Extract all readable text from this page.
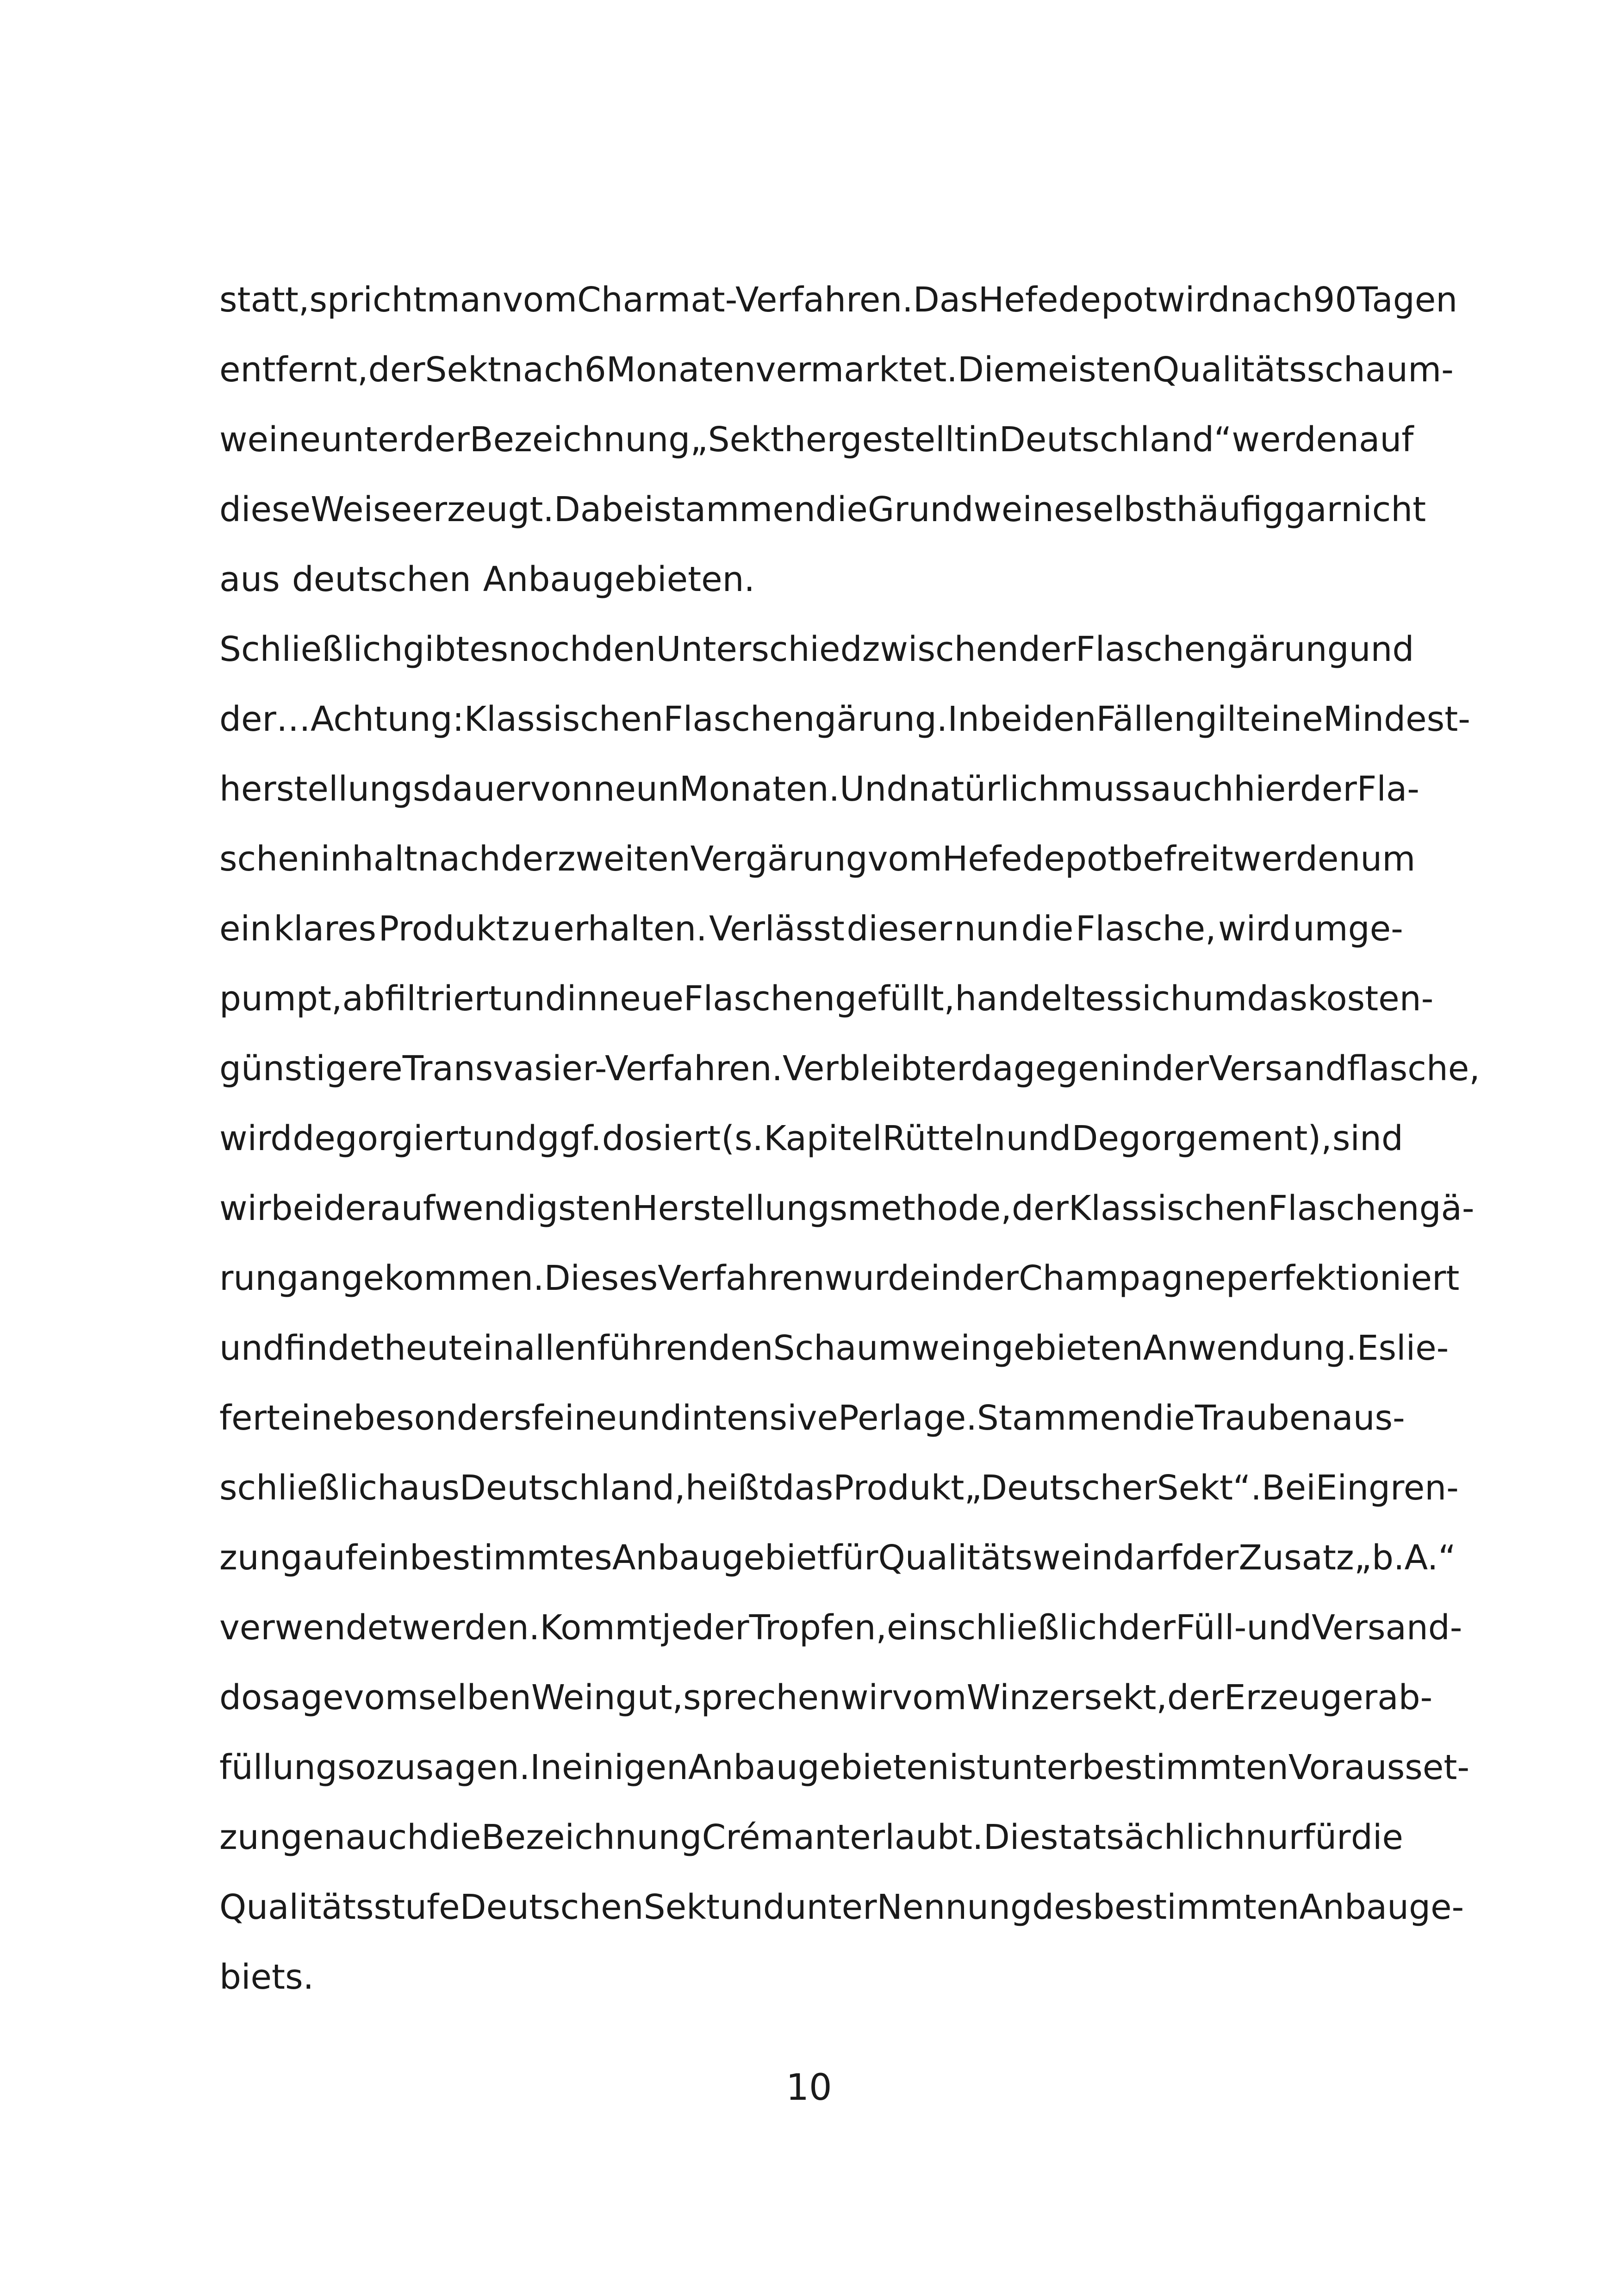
statt, spricht man vom Charmat-Verfahren. Das Hefedepot wird nach 90 Tagen
entfernt, der Sekt nach 6 Monaten vermarktet. Die meisten Qualitätsschaum-
weine unter der Bezeichnung „Sekt hergestellt in Deutschland“ werden auf
diese Weise erzeugt. Dabei stammen die Grundweine selbst häufig gar nicht
aus deutschen Anbaugebieten.
Schließlich gibt es noch den Unterschied zwischen der Flaschengärung und
der… Achtung: Klassischen Flaschengärung. In beiden Fällen gilt eine Mindest-
herstellungsdauer von neun Monaten. Und natürlich muss auch hier der Fla-
scheninhalt nach der zweiten Vergärung vom Hefedepot befreit werden um
ein klares Produkt zu erhalten. Verlässt dieser nun die Flasche, wird umge-
pumpt, abfiltriert und in neue Flaschen gefüllt, handelt es sich um das kosten-
günstigere Transvasier-Verfahren. Verbleibt er dagegen in der Versandflasche,
wird degorgiert und ggf. dosiert (s. Kapitel Rütteln und Degorgement), sind
wir bei der aufwendigsten Herstellungsmethode, der Klassischen Flaschengä-
rung angekommen. Dieses Verfahren wurde in der Champagne perfektioniert
und findet heute in allen führenden Schaumweingebieten Anwendung. Es lie-
fert eine besonders feine und intensive Perlage. Stammen die Trauben aus-
schließlich aus Deutschland, heißt das Produkt „Deutscher Sekt“. Bei Eingren-
zung auf ein bestimmtes Anbaugebiet für Qualitätswein darf der Zusatz „b.A.“
verwendet werden. Kommt jeder Tropfen, einschließlich der Füll- und Versand-
dosage vom selben Weingut, sprechen wir vom Winzersekt, der Erzeugerab-
füllung sozusagen. In einigen Anbaugebieten ist unter bestimmten Vorausset-
zungen auch die Bezeichnung Crémant erlaubt. Dies tatsächlich nur für die
Qualitätsstufe Deutschen Sekt und unter Nennung des bestimmten Anbauge-
biets.
10
